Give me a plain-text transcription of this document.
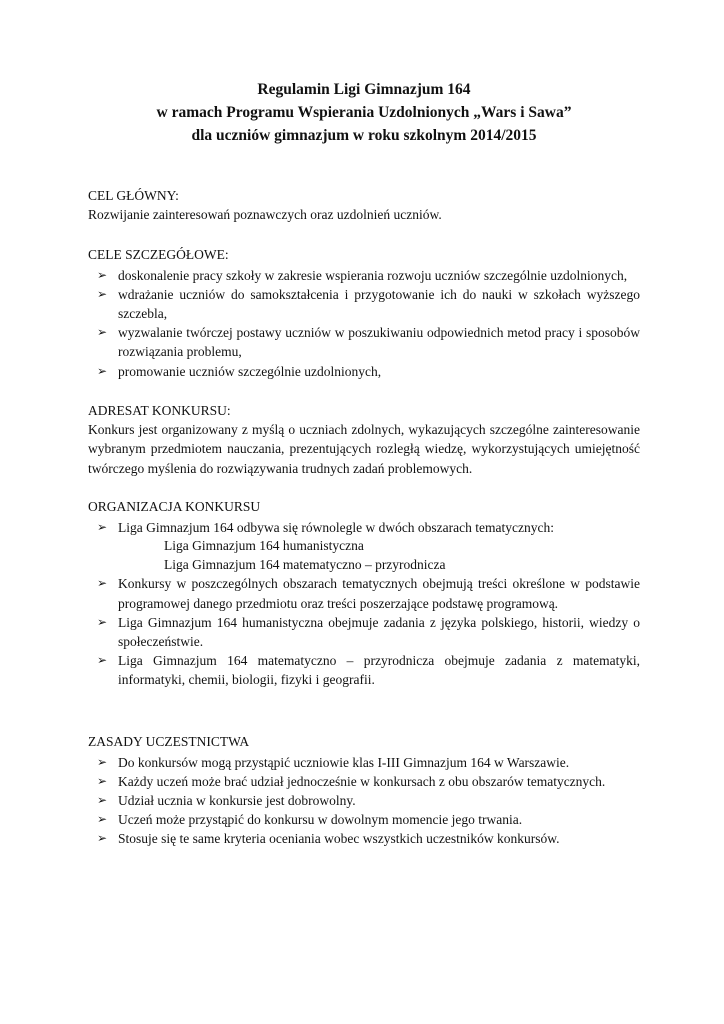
Regulamin Ligi Gimnazjum 164
w ramach Programu Wspierania Uzdolnionych „Wars i Sawa”
dla uczniów gimnazjum w roku szkolnym 2014/2015

CEL GŁÓWNY:

Rozwijanie zainteresowań poznawczych oraz uzdolnień uczniów.

CELE SZCZEGÓŁOWE:

➢ doskonalenie pracy szkoły w zakresie wspierania rozwoju uczniów szczególnie uzdolnionych,
➢ wdrażanie uczniów do samokształcenia i przygotowanie ich do nauki w szkołach wyższego szczebla,
➢ wyzwalanie twórczej postawy uczniów w poszukiwaniu odpowiednich metod pracy i sposobów rozwiązania problemu,
➢ promowanie uczniów szczególnie uzdolnionych,

ADRESAT KONKURSU:

Konkurs jest organizowany z myślą o uczniach zdolnych, wykazujących szczególne zainteresowanie wybranym przedmiotem nauczania, prezentujących rozległą wiedzę, wykorzystujących umiejętność twórczego myślenia do rozwiązywania trudnych zadań problemowych.

ORGANIZACJA KONKURSU

➢ Liga Gimnazjum 164 odbywa się równolegle w dwóch obszarach tematycznych:
Liga Gimnazjum 164 humanistyczna
Liga Gimnazjum 164 matematyczno – przyrodnicza
➢ Konkursy w poszczególnych obszarach tematycznych obejmują treści określone w podstawie programowej danego przedmiotu oraz treści poszerzające podstawę programową.
➢ Liga Gimnazjum 164 humanistyczna obejmuje zadania z języka polskiego, historii, wiedzy o społeczeństwie.
➢ Liga Gimnazjum 164 matematyczno – przyrodnicza obejmuje zadania z matematyki, informatyki, chemii, biologii, fizyki i geografii.

ZASADY UCZESTNICTWA

➢ Do konkursów mogą przystąpić uczniowie klas I-III Gimnazjum 164 w Warszawie.
➢ Każdy uczeń może brać udział jednocześnie w konkursach z obu obszarów tematycznych.
➢ Udział ucznia w konkursie jest dobrowolny.
➢ Uczeń może przystąpić do konkursu w dowolnym momencie jego trwania.
➢ Stosuje się te same kryteria oceniania wobec wszystkich uczestników konkursów.
